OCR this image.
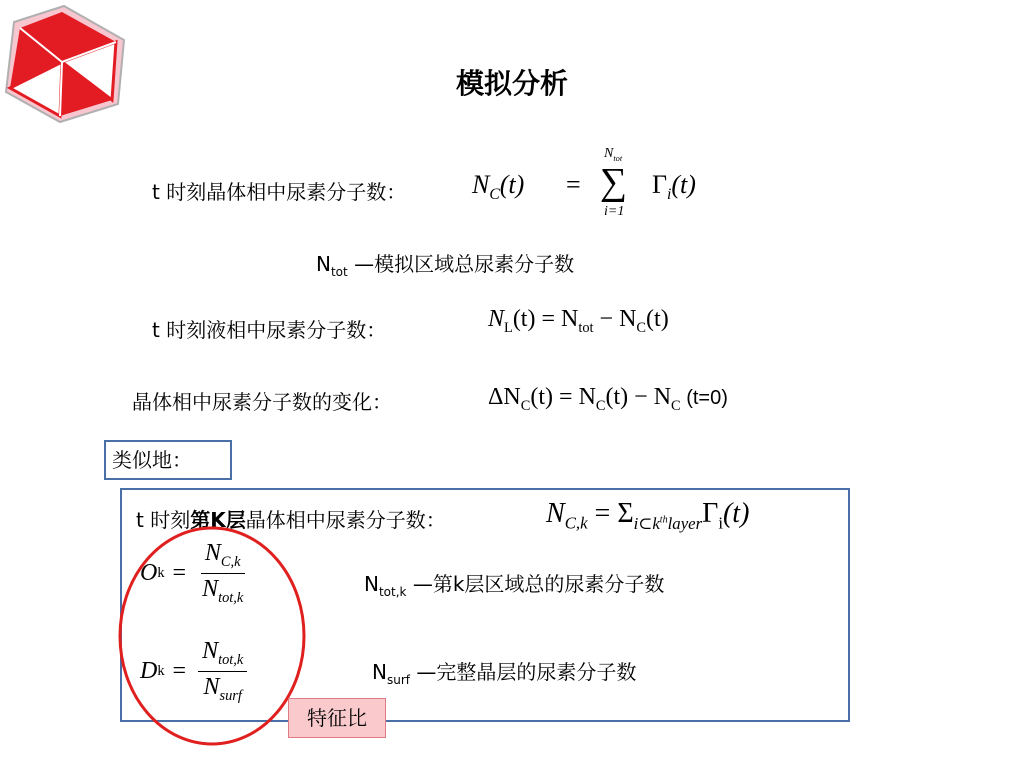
模拟分析
t 时刻晶体相中尿素分子数：	$N_C(t)$ =
$N_{tot}$
∑
i=1
$\Gamma_i(t)$
$N_{tot}$ —模拟区域总尿素分子数
t 时刻液相中尿素分子数：	$N_L(t) = N_{tot} - N_C(t)$
晶体相中尿素分子数的变化：	$\Delta N_C(t) = N_C(t) - N_C$ (t=0)
类似地：
t 时刻第K层晶体相中尿素分子数：	$N_{C,k} = \Sigma_{i\subset k^{th}layer}\Gamma_i(t)$
O $k = \frac{N_{C,k}}{N_{tot,k}}$
D $k = \frac{N_{tot,k}}{N_{surf}}$
$N_{tot,k}$ —第k层区域总的尿素分子数
$N_{surf}$ —完整晶层的尿素分子数
特征比
